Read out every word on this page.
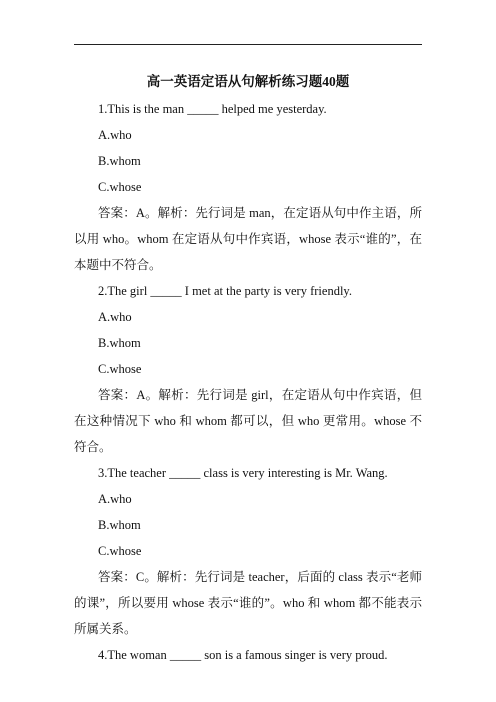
高一英语定语从句解析练习题40题
1.This is the man _____ helped me yesterday.
A.who
B.whom
C.whose
答案：A。解析：先行词是 man，在定语从句中作主语，所以用 who。whom 在定语从句中作宾语，whose 表示“谁的”，在本题中不符合。
2.The girl _____ I met at the party is very friendly.
A.who
B.whom
C.whose
答案：A。解析：先行词是 girl，在定语从句中作宾语，但在这种情况下 who 和 whom 都可以，但 who 更常用。whose 不符合。
3.The teacher _____ class is very interesting is Mr. Wang.
A.who
B.whom
C.whose
答案：C。解析：先行词是 teacher，后面的 class 表示“老师的课”，所以要用 whose 表示“谁的”。who 和 whom 都不能表示所属关系。
4.The woman _____ son is a famous singer is very proud.
